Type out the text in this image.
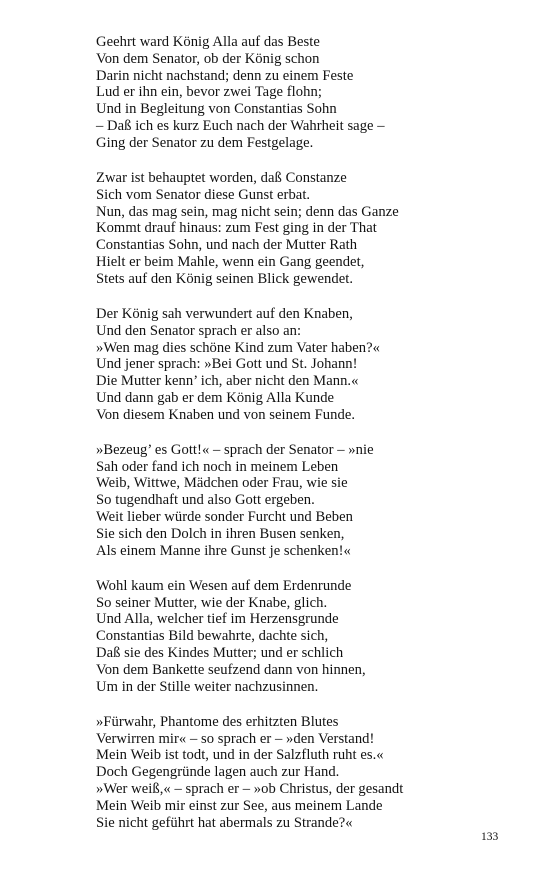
Geehrt ward König Alla auf das Beste
Von dem Senator, ob der König schon
Darin nicht nachstand; denn zu einem Feste
Lud er ihn ein, bevor zwei Tage flohn;
Und in Begleitung von Constantias Sohn
– Daß ich es kurz Euch nach der Wahrheit sage –
Ging der Senator zu dem Festgelage.
Zwar ist behauptet worden, daß Constanze
Sich vom Senator diese Gunst erbat.
Nun, das mag sein, mag nicht sein; denn das Ganze
Kommt drauf hinaus: zum Fest ging in der That
Constantias Sohn, und nach der Mutter Rath
Hielt er beim Mahle, wenn ein Gang geendet,
Stets auf den König seinen Blick gewendet.
Der König sah verwundert auf den Knaben,
Und den Senator sprach er also an:
»Wen mag dies schöne Kind zum Vater haben?«
Und jener sprach: »Bei Gott und St. Johann!
Die Mutter kenn’ ich, aber nicht den Mann.«
Und dann gab er dem König Alla Kunde
Von diesem Knaben und von seinem Funde.
»Bezeug’ es Gott!« – sprach der Senator – »nie
Sah oder fand ich noch in meinem Leben
Weib, Wittwe, Mädchen oder Frau, wie sie
So tugendhaft und also Gott ergeben.
Weit lieber würde sonder Furcht und Beben
Sie sich den Dolch in ihren Busen senken,
Als einem Manne ihre Gunst je schenken!«
Wohl kaum ein Wesen auf dem Erdenrunde
So seiner Mutter, wie der Knabe, glich.
Und Alla, welcher tief im Herzensgrunde
Constantias Bild bewahrte, dachte sich,
Daß sie des Kindes Mutter; und er schlich
Von dem Bankette seufzend dann von hinnen,
Um in der Stille weiter nachzusinnen.
»Fürwahr, Phantome des erhitzten Blutes
Verwirren mir« – so sprach er – »den Verstand!
Mein Weib ist todt, und in der Salzfluth ruht es.«
Doch Gegengründe lagen auch zur Hand.
»Wer weiß,« – sprach er – »ob Christus, der gesandt
Mein Weib mir einst zur See, aus meinem Lande
Sie nicht geführt hat abermals zu Strande?«
133
